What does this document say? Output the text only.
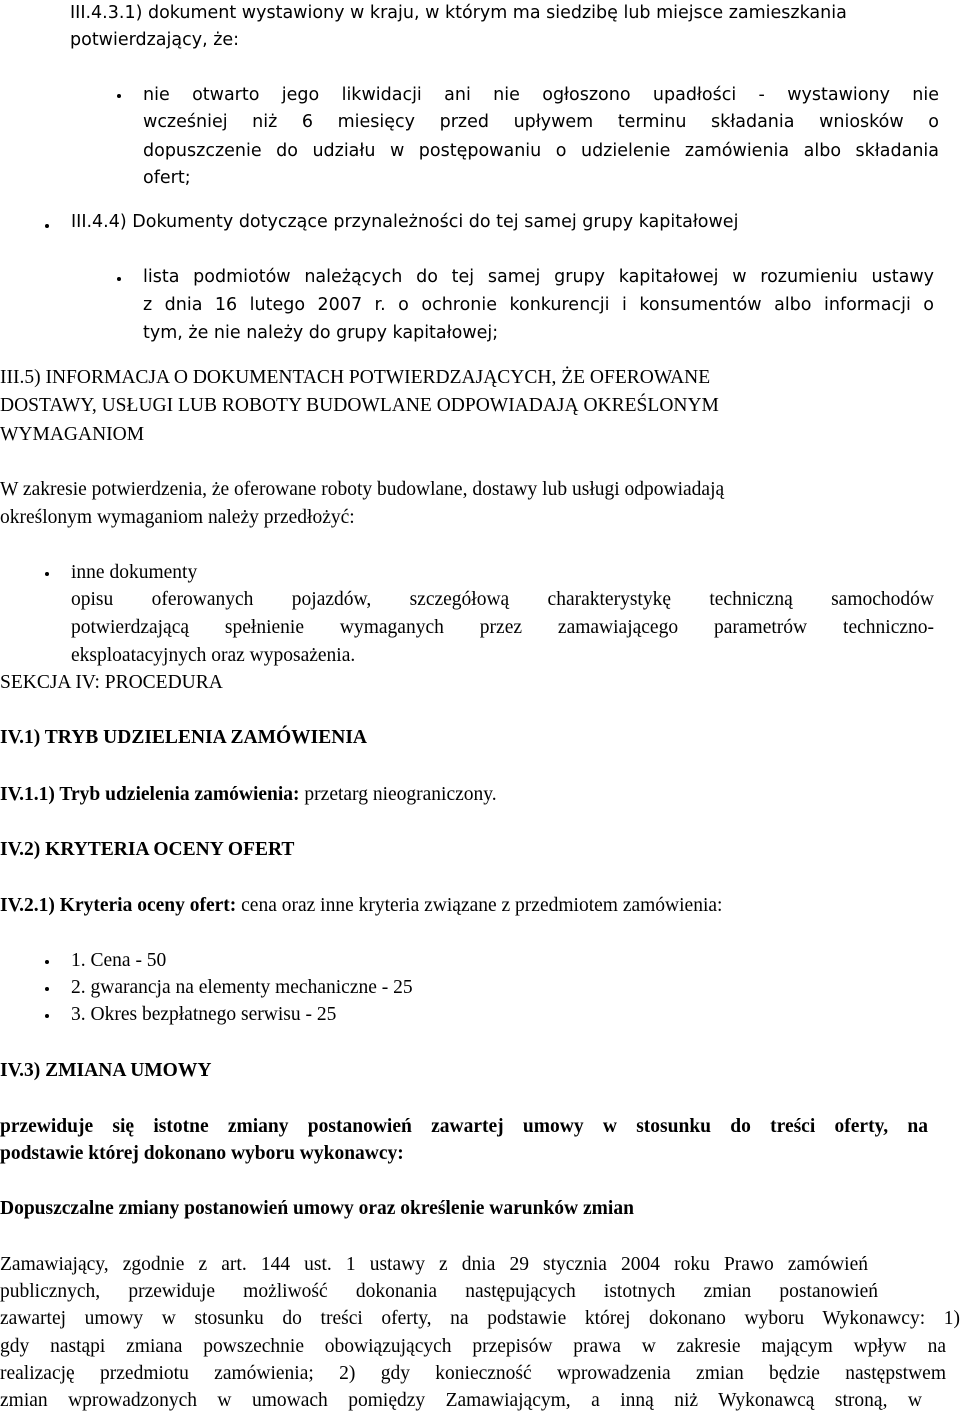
III.4.3.1) dokument wystawiony w kraju, w którym ma siedzibę lub miejsce zamieszkania
potwierdzający, że:
nie otwarto jego likwidacji ani nie ogłoszono upadłości - wystawiony nie
wcześniej niż 6 miesięcy przed upływem terminu składania wniosków o
dopuszczenie do udziału w postępowaniu o udzielenie zamówienia albo składania
ofert;
III.4.4) Dokumenty dotyczące przynależności do tej samej grupy kapitałowej
lista podmiotów należących do tej samej grupy kapitałowej w rozumieniu ustawy
z dnia 16 lutego 2007 r. o ochronie konkurencji i konsumentów albo informacji o
tym, że nie należy do grupy kapitałowej;
III.5) INFORMACJA O DOKUMENTACH POTWIERDZAJĄCYCH, ŻE OFEROWANE
DOSTAWY, USŁUGI LUB ROBOTY BUDOWLANE ODPOWIADAJĄ OKREŚLONYM
WYMAGANIOM
W zakresie potwierdzenia, że oferowane roboty budowlane, dostawy lub usługi odpowiadają
określonym wymaganiom należy przedłożyć:
inne dokumenty
opisu oferowanych pojazdów, szczegółową charakterystykę techniczną samochodów
potwierdzającą spełnienie wymaganych przez zamawiającego parametrów techniczno-
eksploatacyjnych oraz wyposażenia.
SEKCJA IV: PROCEDURA
IV.1) TRYB UDZIELENIA ZAMÓWIENIA
IV.1.1) Tryb udzielenia zamówienia: przetarg nieograniczony.
IV.2) KRYTERIA OCENY OFERT
IV.2.1) Kryteria oceny ofert: cena oraz inne kryteria związane z przedmiotem zamówienia:
1. Cena - 50
2. gwarancja na elementy mechaniczne - 25
3. Okres bezpłatnego serwisu - 25
IV.3) ZMIANA UMOWY
przewiduje się istotne zmiany postanowień zawartej umowy w stosunku do treści oferty, na
podstawie której dokonano wyboru wykonawcy:
Dopuszczalne zmiany postanowień umowy oraz określenie warunków zmian
Zamawiający, zgodnie z art. 144 ust. 1 ustawy z dnia 29 stycznia 2004 roku Prawo zamówień
publicznych, przewiduje możliwość dokonania następujących istotnych zmian postanowień
zawartej umowy w stosunku do treści oferty, na podstawie której dokonano wyboru Wykonawcy: 1)
gdy nastąpi zmiana powszechnie obowiązujących przepisów prawa w zakresie mającym wpływ na
realizację przedmiotu zamówienia; 2) gdy konieczność wprowadzenia zmian będzie następstwem
zmian wprowadzonych w umowach pomiędzy Zamawiającym, a inną niż Wykonawcą stroną, w
